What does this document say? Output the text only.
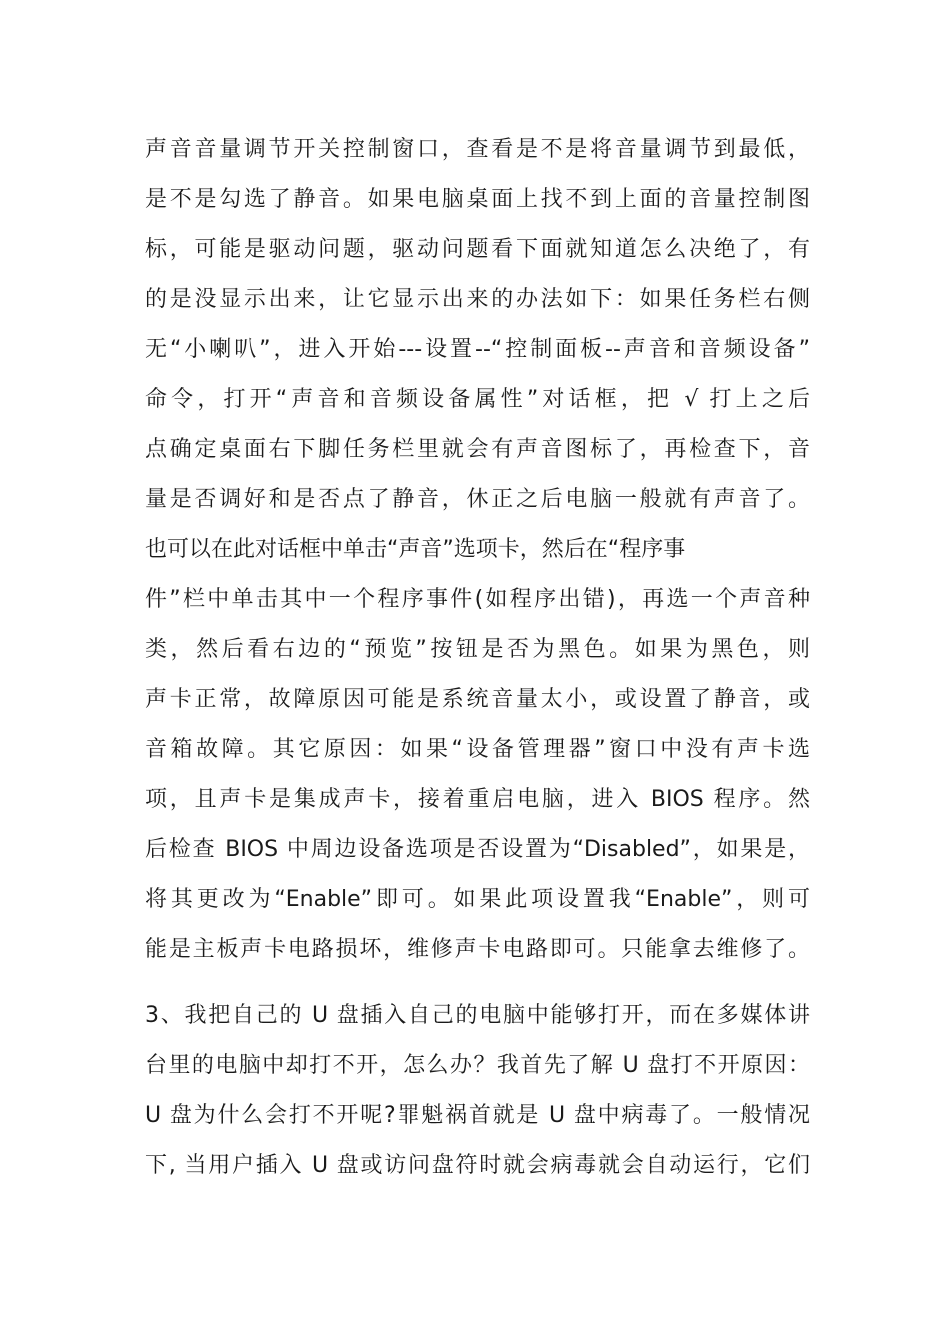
声音音量调节开关控制窗口，查看是不是将音量调节到最低，
是不是勾选了静音。如果电脑桌面上找不到上面的音量控制图
标，可能是驱动问题，驱动问题看下面就知道怎么决绝了，有
的是没显示出来，让它显示出来的办法如下：如果任务栏右侧
无“小喇叭”，进入开始---设置--“控制面板--声音和音频设备”
命令，打开“声音和音频设备属性”对话框，把 √ 打上之后
点确定桌面右下脚任务栏里就会有声音图标了，再检查下，音
量是否调好和是否点了静音，休正之后电脑一般就有声音了。
也可以在此对话框中单击“声音”选项卡，然后在“程序事
件”栏中单击其中一个程序事件(如程序出错)，再选一个声音种
类，然后看右边的“预览”按钮是否为黑色。如果为黑色，则
声卡正常，故障原因可能是系统音量太小，或设置了静音，或
音箱故障。其它原因：如果“设备管理器”窗口中没有声卡选
项，且声卡是集成声卡，接着重启电脑，进入 BIOS 程序。然
后检查 BIOS 中周边设备选项是否设置为“Disabled”，如果是，
将其更改为“Enable”即可。如果此项设置我“Enable”，则可
能是主板声卡电路损坏，维修声卡电路即可。只能拿去维修了。
3、我把自己的 U 盘插入自己的电脑中能够打开，而在多媒体讲
台里的电脑中却打不开，怎么办？我首先了解 U 盘打不开原因：
U 盘为什么会打不开呢?罪魁祸首就是 U 盘中病毒了。一般情况
下, 当用户插入 U 盘或访问盘符时就会病毒就会自动运行，它们
